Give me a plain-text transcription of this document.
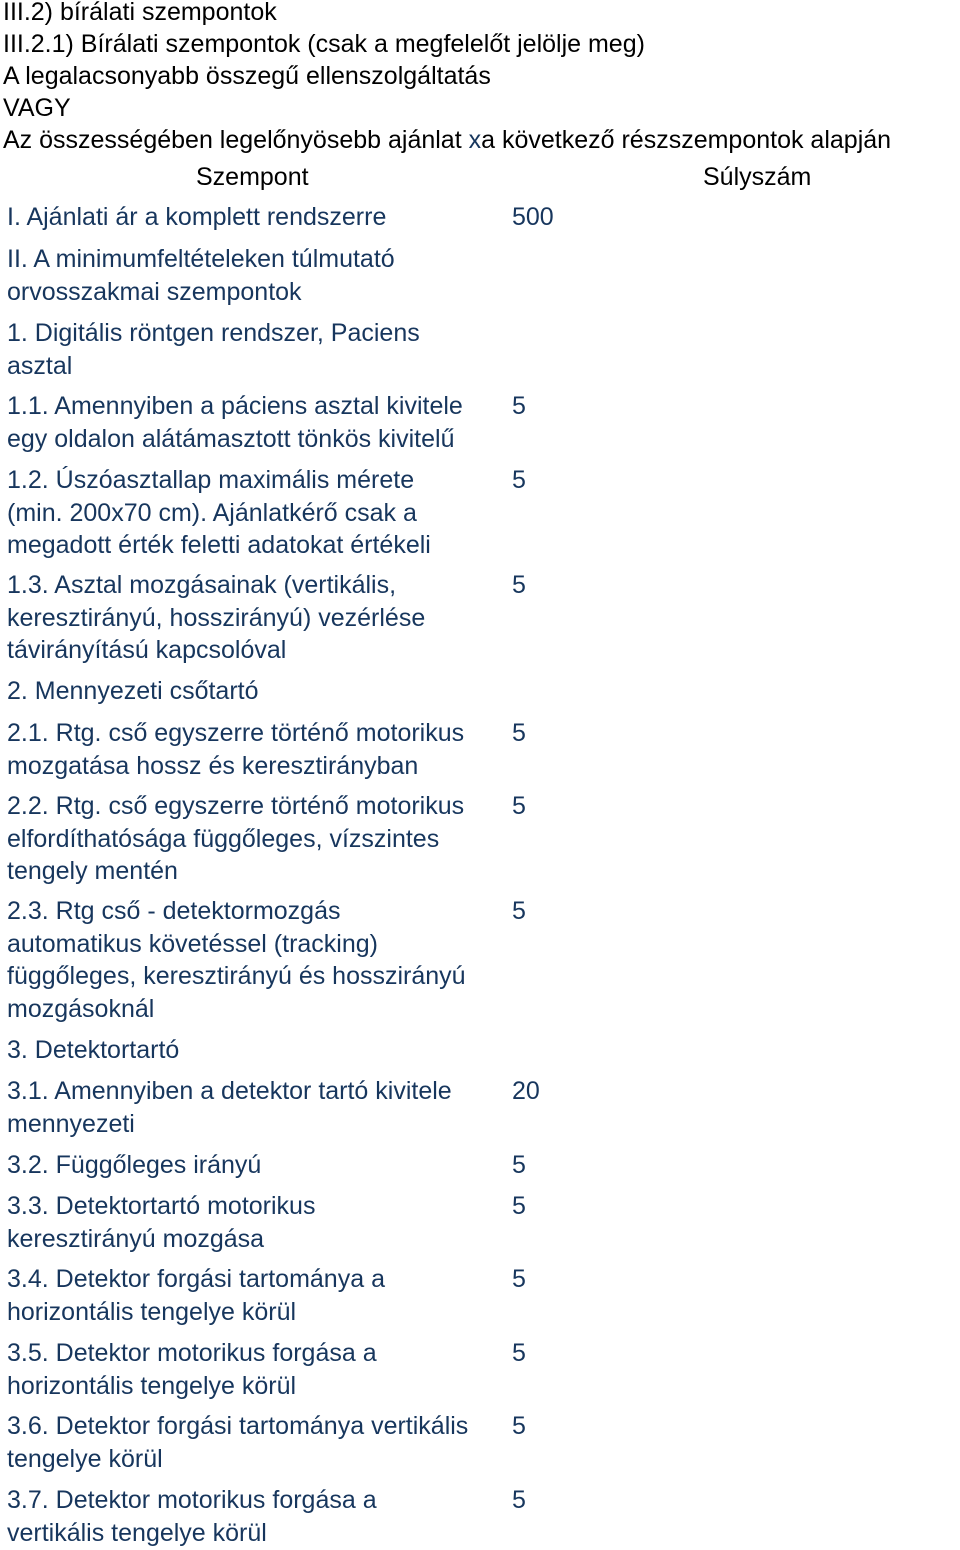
III.2) bírálati szempontok
III.2.1) Bírálati szempontok (csak a megfelelőt jelölje meg)
A legalacsonyabb összegű ellenszolgáltatás
VAGY
Az összességében legelőnyösebb ajánlat xa következő részszempontok alapján
Szempont	Súlyszám
I. Ajánlati ár a komplett rendszerre	500
II. A minimumfeltételeken túlmutató
orvosszakmai szempontok
1. Digitális röntgen rendszer, Paciens
asztal
1.1. Amennyiben a páciens asztal kivitele
egy oldalon alátámasztott tönkös kivitelű
5
1.2. Úszóasztallap maximális mérete
(min. 200x70 cm). Ajánlatkérő csak a
megadott érték feletti adatokat értékeli
5
1.3. Asztal mozgásainak (vertikális,
keresztirányú, hosszirányú) vezérlése
távirányítású kapcsolóval
5
2. Mennyezeti csőtartó
2.1. Rtg. cső egyszerre történő motorikus
mozgatása hossz és keresztirányban
5
2.2. Rtg. cső egyszerre történő motorikus
elfordíthatósága függőleges, vízszintes
tengely mentén
5
2.3. Rtg cső - detektormozgás
automatikus követéssel (tracking)
függőleges, keresztirányú és hosszirányú
mozgásoknál
5
3. Detektortartó
3.1. Amennyiben a detektor tartó kivitele
mennyezeti
20
3.2. Függőleges irányú	5
3.3. Detektortartó motorikus
keresztirányú mozgása
5
3.4. Detektor forgási tartománya a
horizontális tengelye körül
5
3.5. Detektor motorikus forgása a
horizontális tengelye körül
5
3.6. Detektor forgási tartománya vertikális
tengelye körül
5
3.7. Detektor motorikus forgása a
vertikális tengelye körül
5
